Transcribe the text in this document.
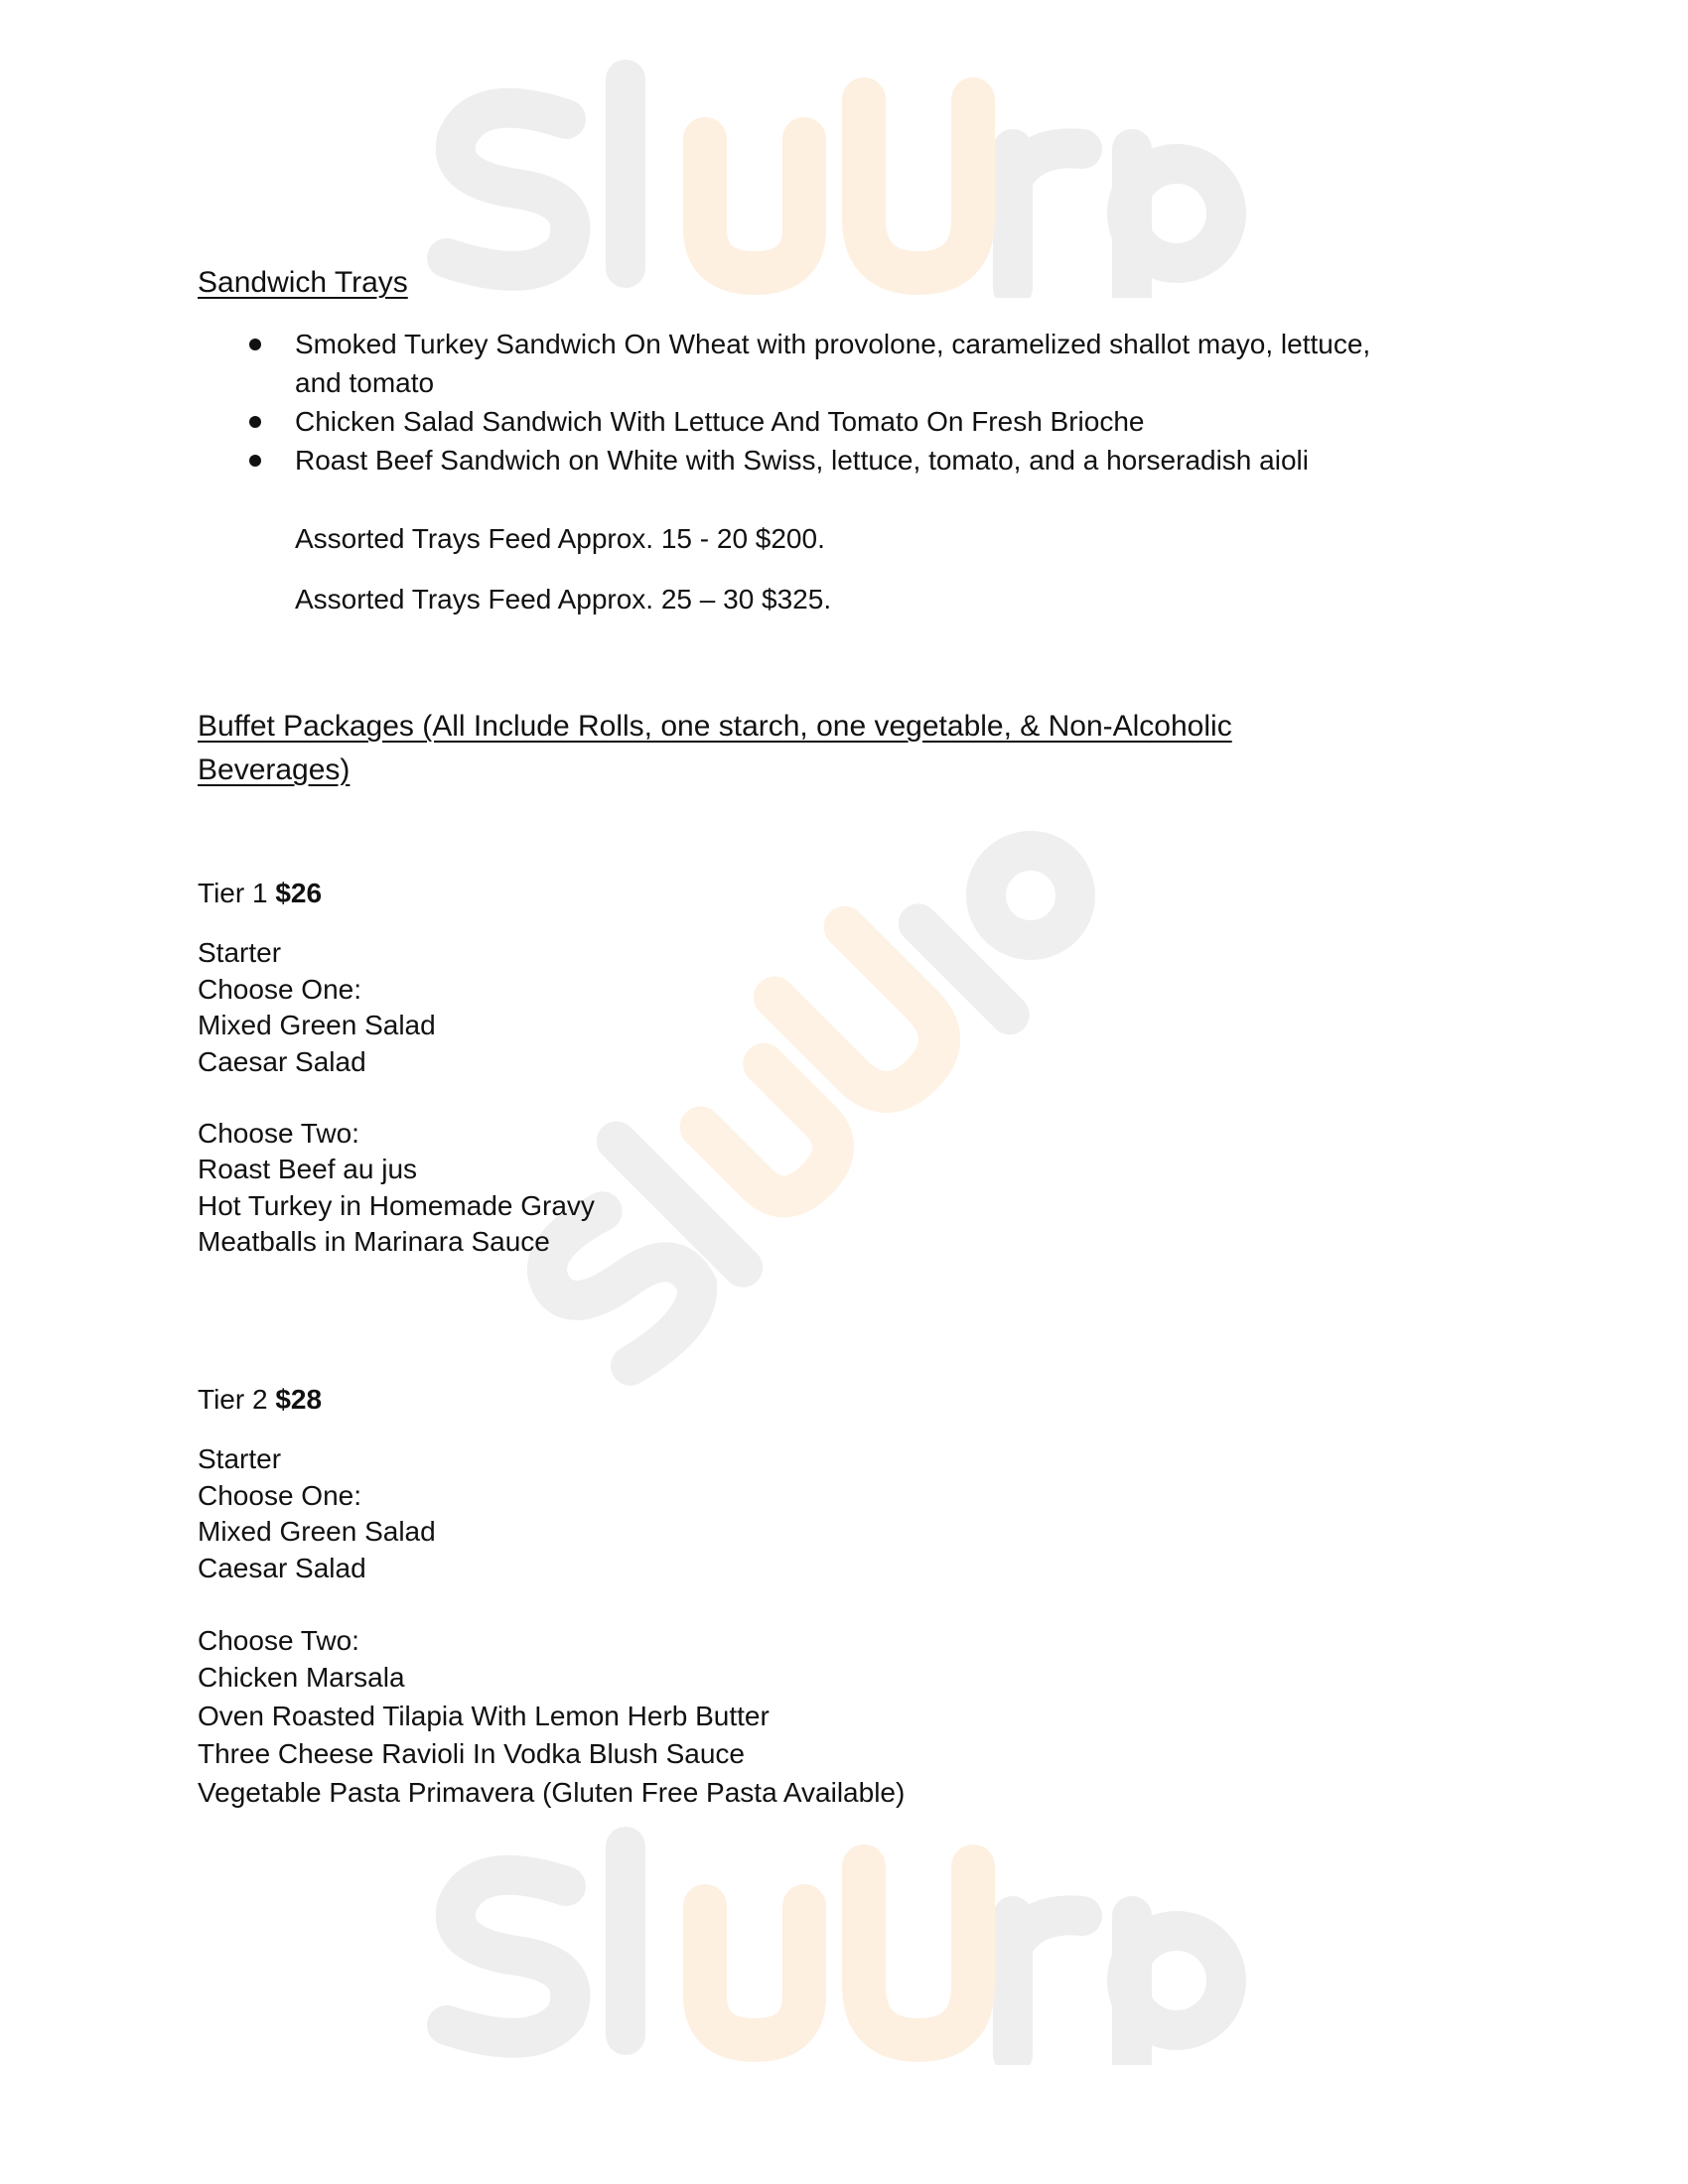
Sandwich Trays
Smoked Turkey Sandwich On Wheat with provolone, caramelized shallot mayo, lettuce,
and tomato
Chicken Salad Sandwich With Lettuce And Tomato On Fresh Brioche
Roast Beef Sandwich on White with Swiss, lettuce, tomato, and a horseradish aioli
Assorted Trays Feed Approx. 15 - 20 $200.
Assorted Trays Feed Approx. 25 – 30 $325.
Buffet Packages (All Include Rolls, one starch, one vegetable, & Non-Alcoholic
Beverages)
Tier 1 $26
Starter
Choose One:
Mixed Green Salad
Caesar Salad
Choose Two:
Roast Beef au jus
Hot Turkey in Homemade Gravy
Meatballs in Marinara Sauce
Tier 2 $28
Starter
Choose One:
Mixed Green Salad
Caesar Salad
Choose Two:
Chicken Marsala
Oven Roasted Tilapia With Lemon Herb Butter
Three Cheese Ravioli In Vodka Blush Sauce
Vegetable Pasta Primavera (Gluten Free Pasta Available)
